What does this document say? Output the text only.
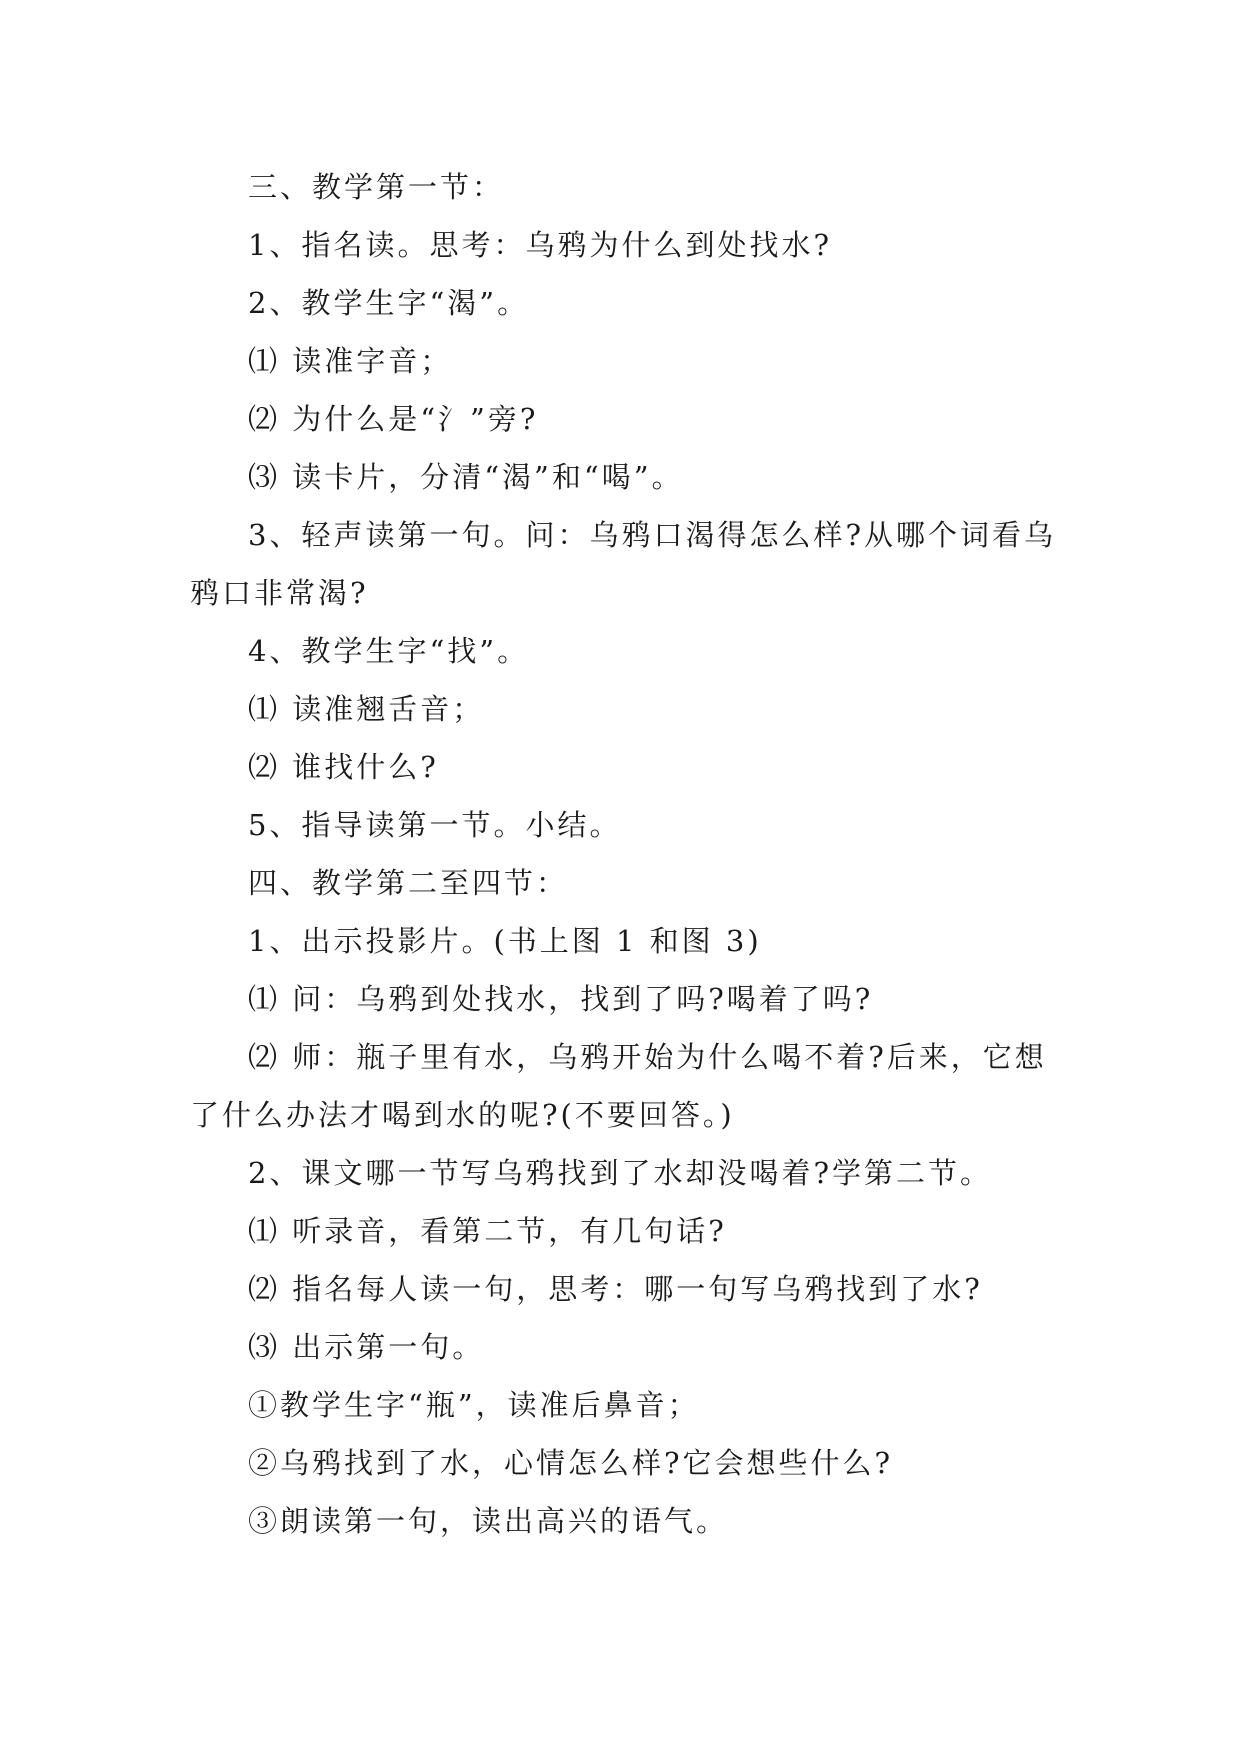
三、教学第一节：

1、指名读。思考：乌鸦为什么到处找水?

2、教学生字“渴”。

⑴ 读准字音；

⑵ 为什么是“氵”旁?

⑶ 读卡片，分清“渴”和“喝”。

3、轻声读第一句。问：乌鸦口渴得怎么样?从哪个词看乌鸦口非常渴?

4、教学生字“找”。

⑴ 读准翘舌音；

⑵ 谁找什么?

5、指导读第一节。小结。

四、教学第二至四节：

1、出示投影片。(书上图 1 和图 3)

⑴ 问：乌鸦到处找水，找到了吗?喝着了吗?

⑵ 师：瓶子里有水，乌鸦开始为什么喝不着?后来，它想了什么办法才喝到水的呢?(不要回答。)

2、课文哪一节写乌鸦找到了水却没喝着?学第二节。

⑴ 听录音，看第二节，有几句话?

⑵ 指名每人读一句，思考：哪一句写乌鸦找到了水?

⑶ 出示第一句。

①教学生字“瓶”，读准后鼻音；

②乌鸦找到了水，心情怎么样?它会想些什么?

③朗读第一句，读出高兴的语气。
